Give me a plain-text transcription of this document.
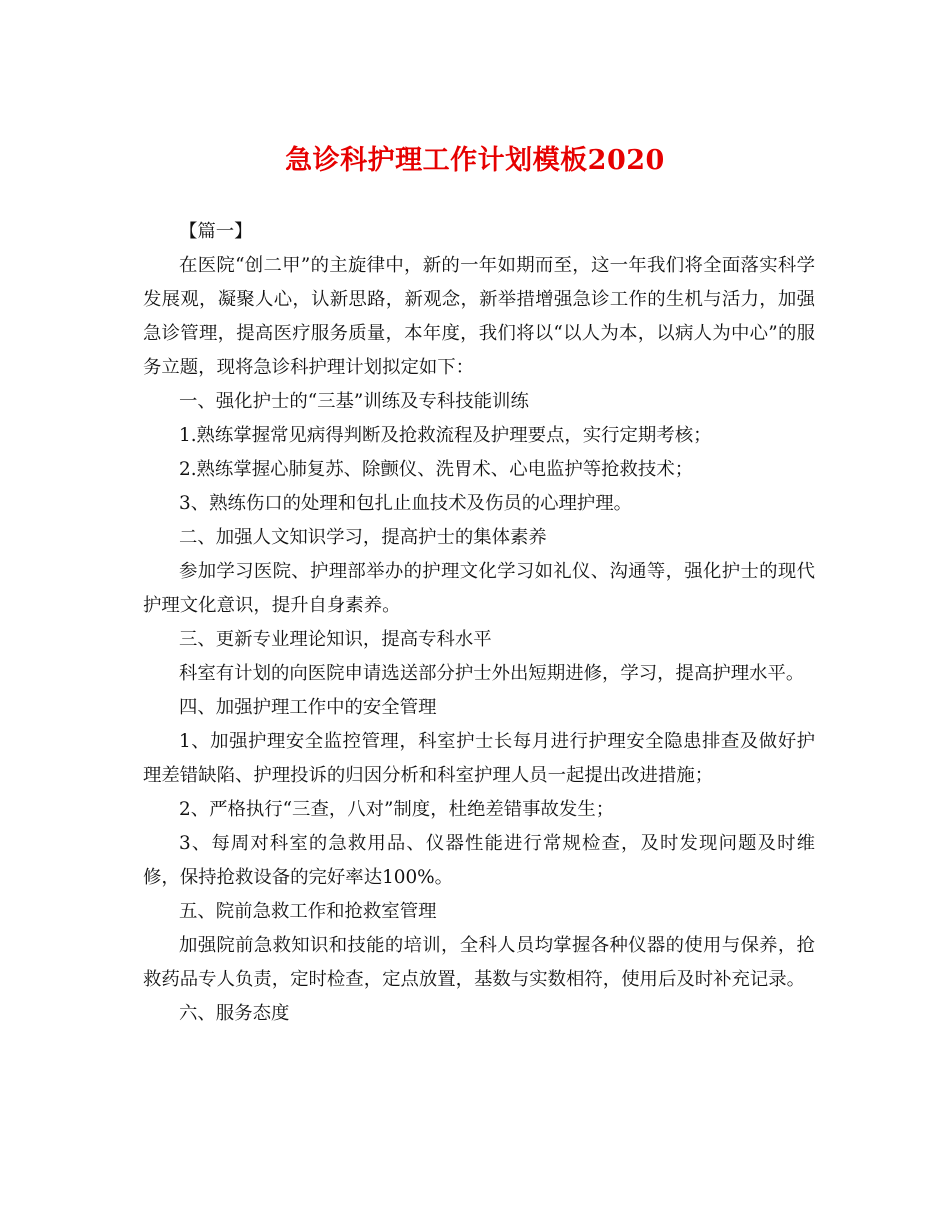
急诊科护理工作计划模板2020

【篇一】

在医院“创二甲”的主旋律中，新的一年如期而至，这一年我们将全面落实科学发展观，凝聚人心，认新思路，新观念，新举措增强急诊工作的生机与活力，加强急诊管理，提高医疗服务质量，本年度，我们将以“以人为本，以病人为中心”的服务立题，现将急诊科护理计划拟定如下：

一、强化护士的“三基”训练及专科技能训练

1.熟练掌握常见病得判断及抢救流程及护理要点，实行定期考核；

2.熟练掌握心肺复苏、除颤仪、洗胃术、心电监护等抢救技术；

3、熟练伤口的处理和包扎止血技术及伤员的心理护理。

二、加强人文知识学习，提高护士的集体素养

参加学习医院、护理部举办的护理文化学习如礼仪、沟通等，强化护士的现代护理文化意识，提升自身素养。

三、更新专业理论知识，提高专科水平

科室有计划的向医院申请选送部分护士外出短期进修，学习，提高护理水平。

四、加强护理工作中的安全管理

1、加强护理安全监控管理，科室护士长每月进行护理安全隐患排查及做好护理差错缺陷、护理投诉的归因分析和科室护理人员一起提出改进措施；

2、严格执行“三查，八对”制度，杜绝差错事故发生；

3、每周对科室的急救用品、仪器性能进行常规检查，及时发现问题及时维修，保持抢救设备的完好率达100%。

五、院前急救工作和抢救室管理

加强院前急救知识和技能的培训，全科人员均掌握各种仪器的使用与保养，抢救药品专人负责，定时检查，定点放置，基数与实数相符，使用后及时补充记录。

六、服务态度
